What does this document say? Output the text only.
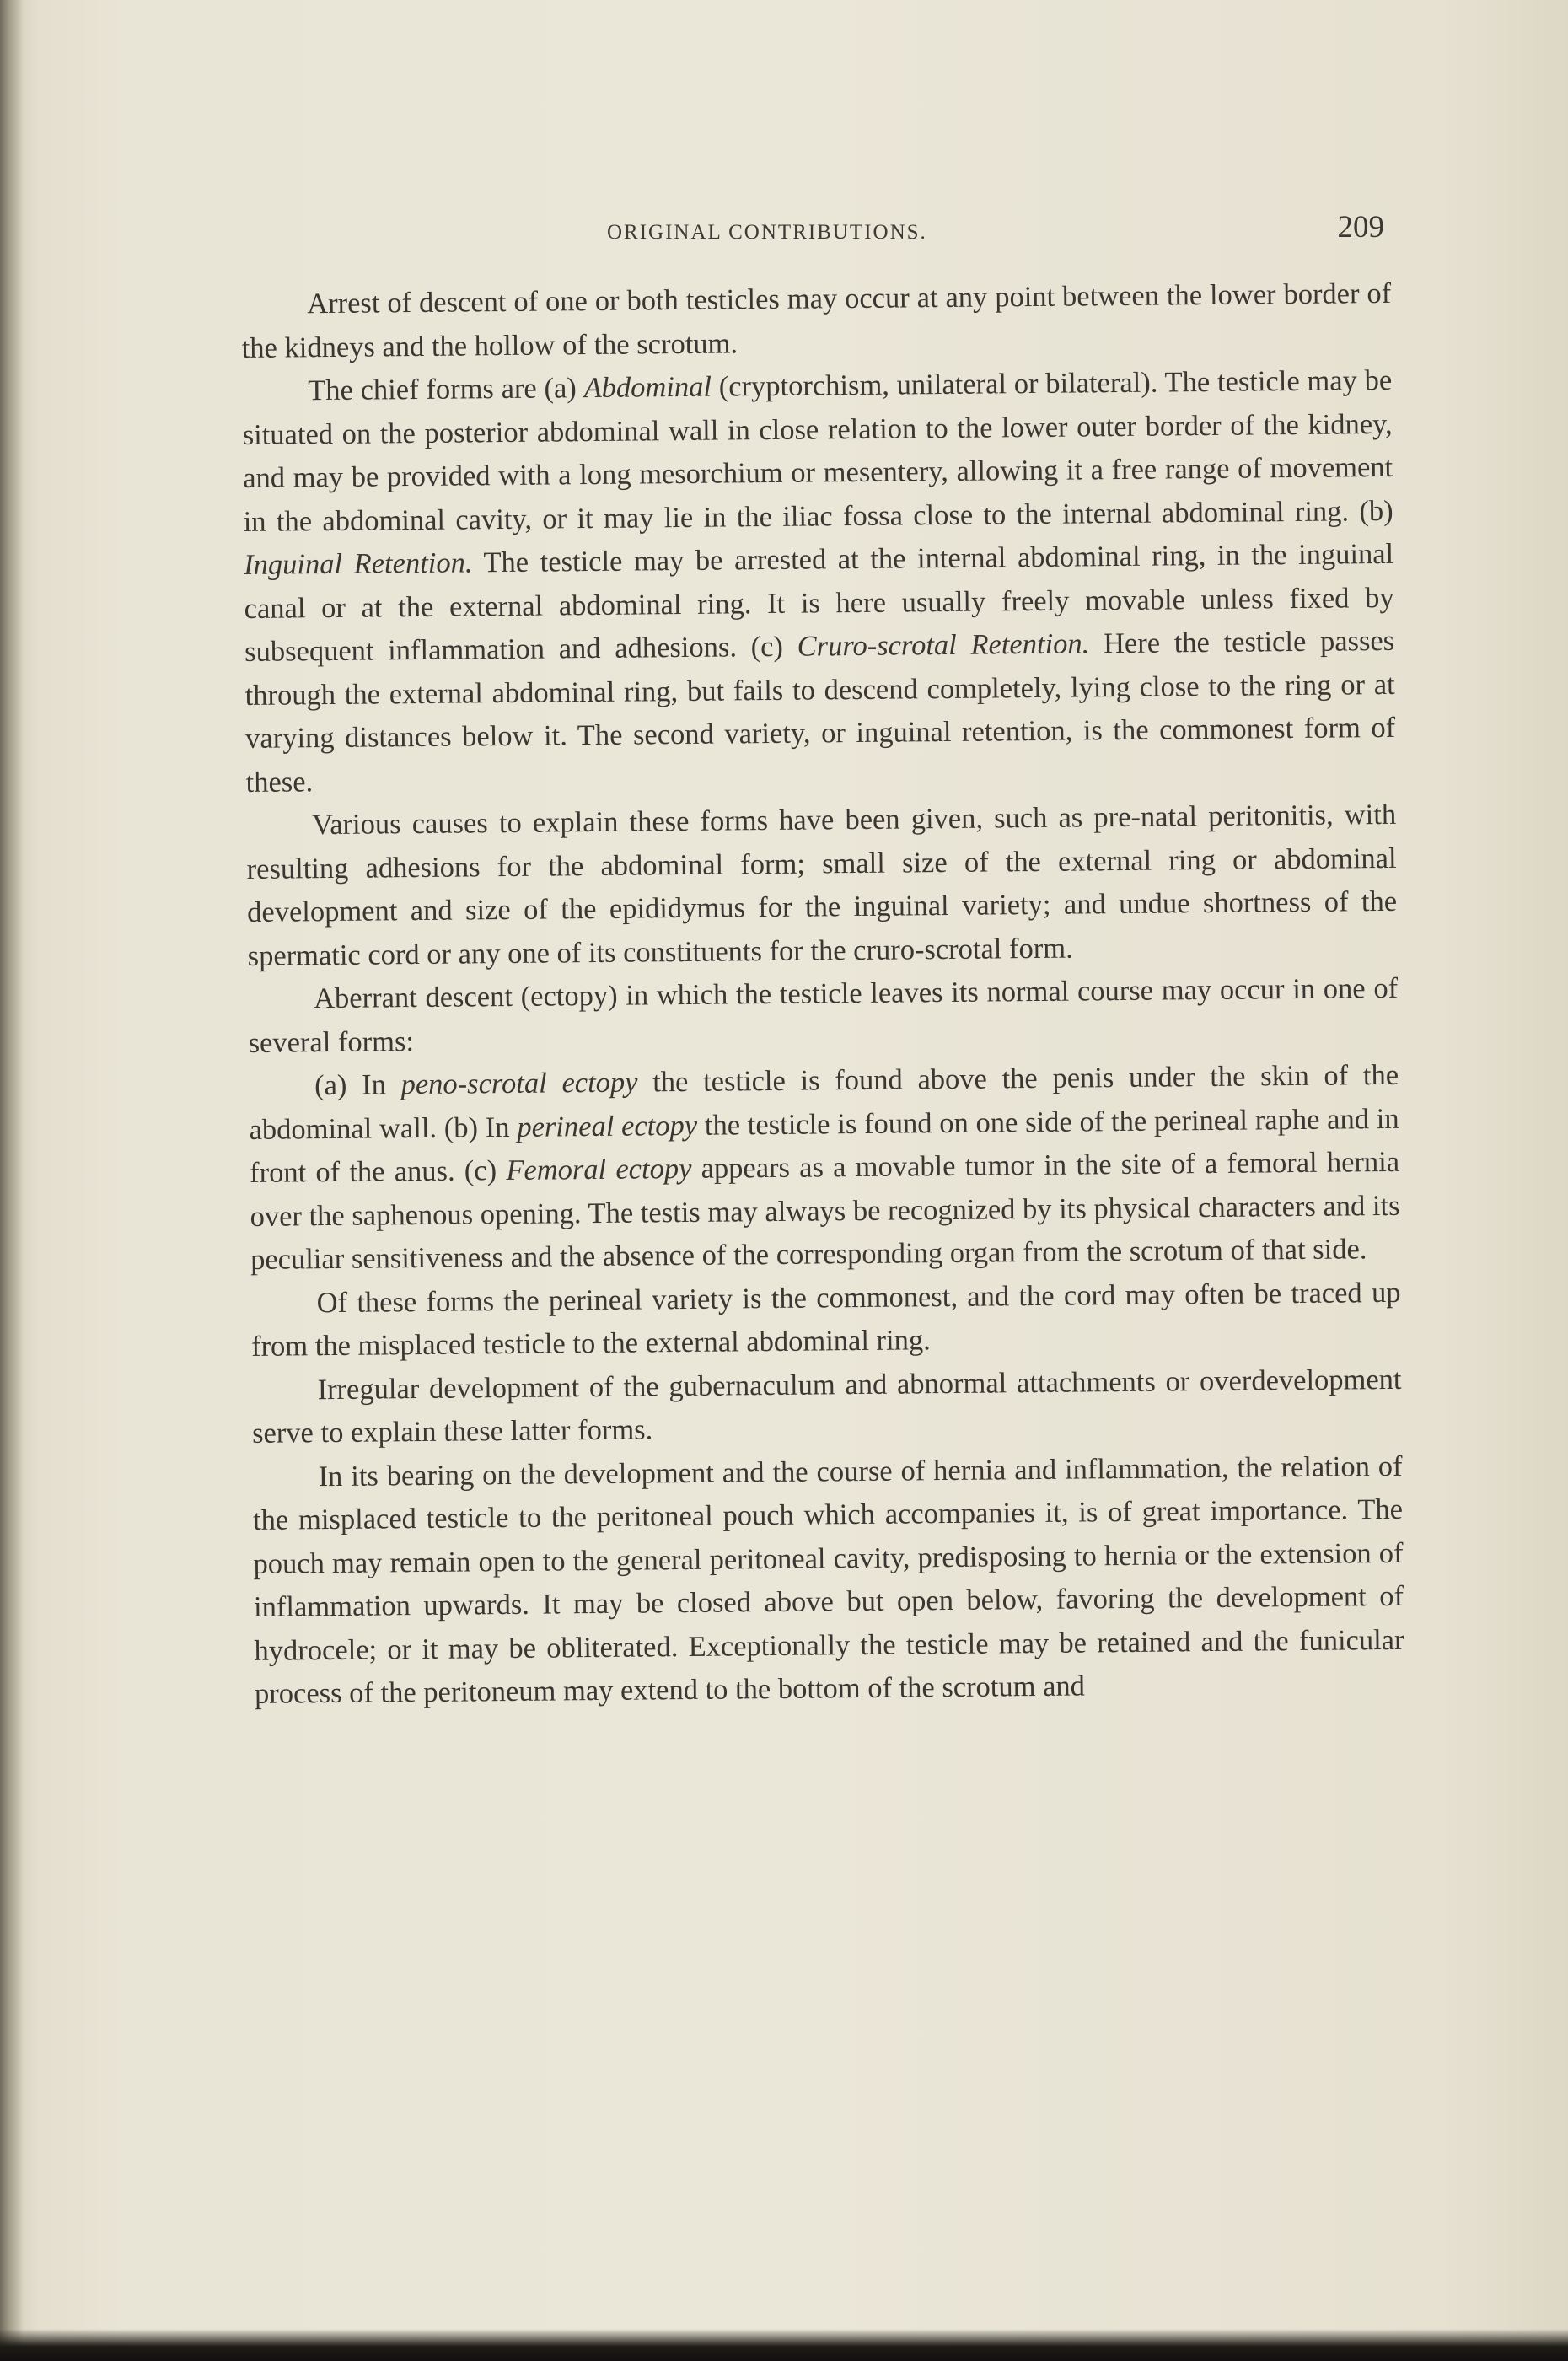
ORIGINAL CONTRIBUTIONS.	209

Arrest of descent of one or both testicles may occur at any point between the lower border of the kidneys and the hollow of the scrotum.

The chief forms are (a) Abdominal (cryptorchism, unilateral or bilateral). The testicle may be situated on the posterior abdominal wall in close relation to the lower outer border of the kidney, and may be provided with a long mesorchium or mesentery, allowing it a free range of movement in the abdominal cavity, or it may lie in the iliac fossa close to the internal abdominal ring. (b) Inguinal Retention. The testicle may be arrested at the internal abdominal ring, in the inguinal canal or at the external abdominal ring. It is here usually freely movable unless fixed by subsequent inflammation and adhesions. (c) Cruro-scrotal Retention. Here the testicle passes through the external abdominal ring, but fails to descend completely, lying close to the ring or at varying distances below it. The second variety, or inguinal retention, is the commonest form of these.

Various causes to explain these forms have been given, such as pre-natal peritonitis, with resulting adhesions for the abdominal form; small size of the external ring or abdominal development and size of the epididymus for the inguinal variety; and undue shortness of the spermatic cord or any one of its constituents for the cruro-scrotal form.

Aberrant descent (ectopy) in which the testicle leaves its normal course may occur in one of several forms:

(a) In peno-scrotal ectopy the testicle is found above the penis under the skin of the abdominal wall. (b) In perineal ectopy the testicle is found on one side of the perineal raphe and in front of the anus. (c) Femoral ectopy appears as a movable tumor in the site of a femoral hernia over the saphenous opening. The testis may always be recognized by its physical characters and its peculiar sensitiveness and the absence of the corresponding organ from the scrotum of that side.

Of these forms the perineal variety is the commonest, and the cord may often be traced up from the misplaced testicle to the external abdominal ring.

Irregular development of the gubernaculum and abnormal attachments or overdevelopment serve to explain these latter forms.

In its bearing on the development and the course of hernia and inflammation, the relation of the misplaced testicle to the peritoneal pouch which accompanies it, is of great importance. The pouch may remain open to the general peritoneal cavity, predisposing to hernia or the extension of inflammation upwards. It may be closed above but open below, favoring the development of hydrocele; or it may be obliterated. Exceptionally the testicle may be retained and the funicular process of the peritoneum may extend to the bottom of the scrotum and
